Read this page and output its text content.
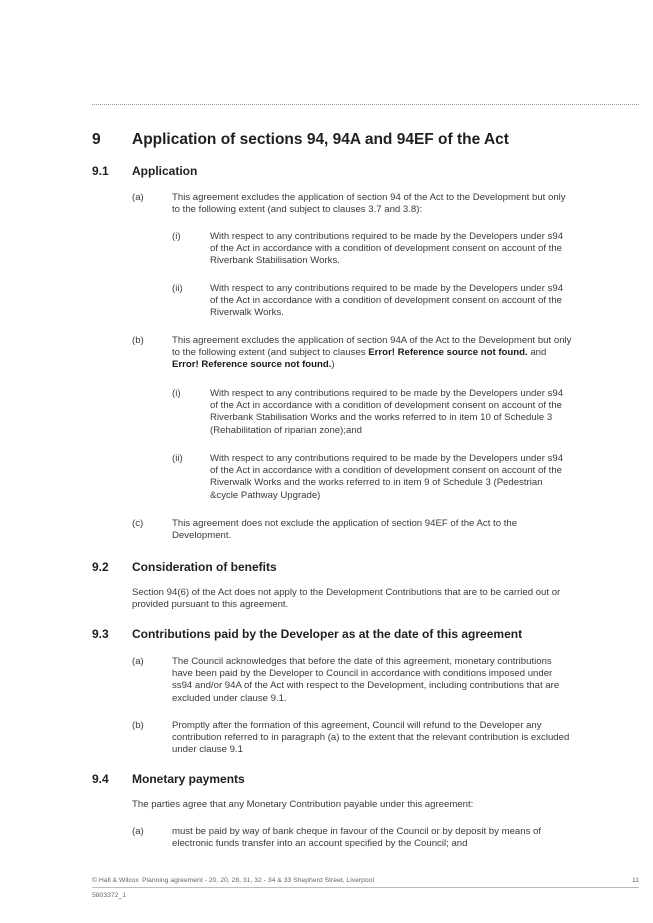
9 Application of sections 94, 94A and 94EF of the Act
9.1 Application
(a)	This agreement excludes the application of section 94 of the Act to the Development but only to the following extent (and subject to clauses 3.7 and 3.8):
(i)	With respect to any contributions required to be made by the Developers under s94 of the Act in accordance with a condition of development consent on account of the Riverbank Stabilisation Works.
(ii)	With respect to any contributions required to be made by the Developers under s94 of the Act in accordance with a condition of development consent on account of the Riverwalk Works.
(b)	This agreement excludes the application of section 94A of the Act to the Development but only to the following extent (and subject to clauses Error! Reference source not found. and Error! Reference source not found.)
(i)	With respect to any contributions required to be made by the Developers under s94 of the Act in accordance with a condition of development consent on account of the Riverbank Stabilisation Works and the works referred to in item 10 of Schedule 3 (Rehabilitation of riparian zone);and
(ii)	With respect to any contributions required to be made by the Developers under s94 of the Act in accordance with a condition of development consent on account of the Riverwalk Works and the works referred to in item 9 of Schedule 3 (Pedestrian &cycle Pathway Upgrade)
(c)	This agreement does not exclude the application of section 94EF of the Act to the Development.
9.2 Consideration of benefits
Section 94(6) of the Act does not apply to the Development Contributions that are to be carried out or provided pursuant to this agreement.
9.3 Contributions paid by the Developer as at the date of this agreement
(a)	The Council acknowledges that before the date of this agreement, monetary contributions have been paid by the Developer to Council in accordance with conditions imposed under ss94 and/or 94A of the Act with respect to the Development, including contributions that are excluded under clause 9.1.
(b)	Promptly after the formation of this agreement, Council will refund to the Developer any contribution referred to in paragraph (a) to the extent that the relevant contribution is excluded under clause 9.1
9.4 Monetary payments
The parties agree that any Monetary Contribution payable under this agreement:
(a)	must be paid by way of bank cheque in favour of the Council or by deposit by means of electronic funds transfer into an account specified by the Council; and
© Hall & Wilcox Planning agreement - 20, 20, 28, 31, 32 - 34 & 33 Shepherd Street, Liverpool	11
5803372_1
